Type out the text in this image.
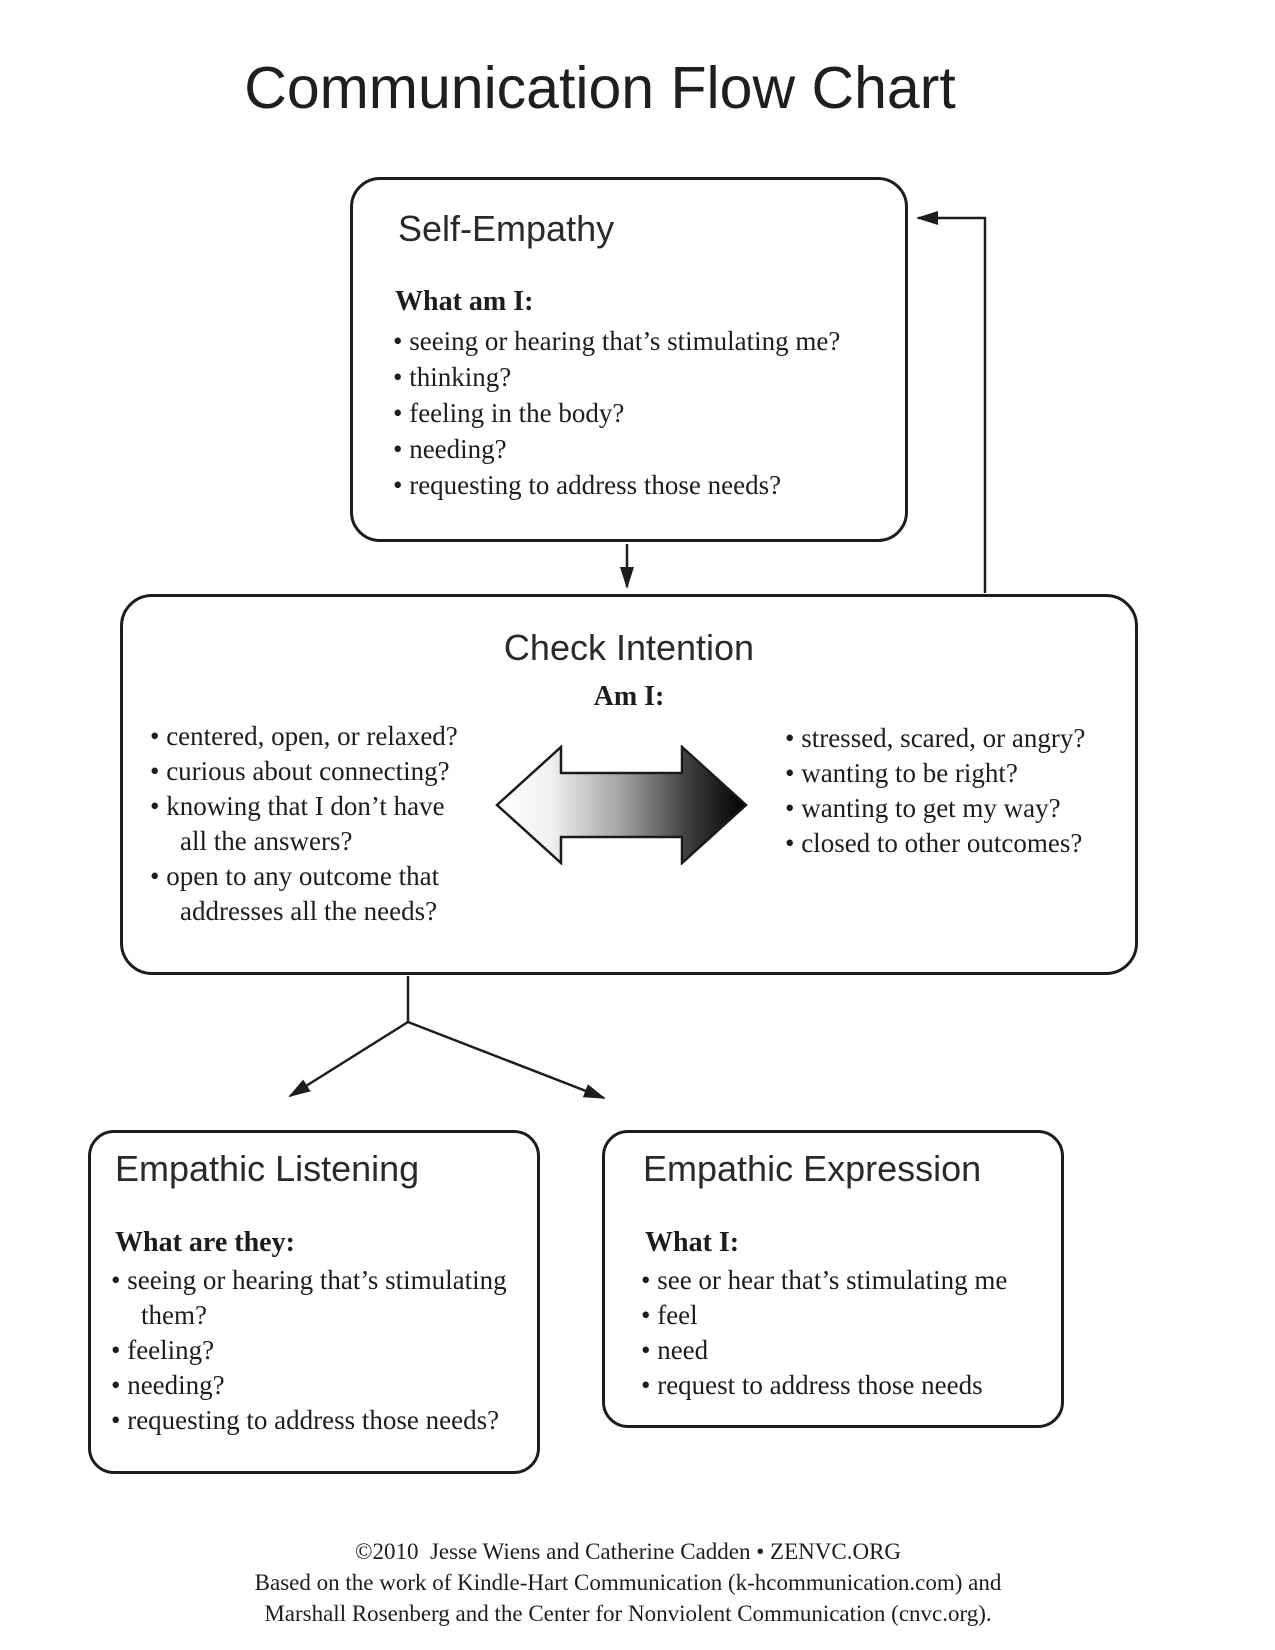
Communication Flow Chart
Self-Empathy

What am I:

• seeing or hearing that’s stimulating me?
• thinking?
• feeling in the body?
• needing?
• requesting to address those needs?
Check Intention

Am I:

• centered, open, or relaxed?
• curious about connecting?
• knowing that I don’t have all the answers?
• open to any outcome that addresses all the needs?
• stressed, scared, or angry?
• wanting to be right?
• wanting to get my way?
• closed to other outcomes?
Empathic Listening

What are they:

• seeing or hearing that’s stimulating them?
• feeling?
• needing?
• requesting to address those needs?
Empathic Expression

What I:

• see or hear that’s stimulating me
• feel
• need
• request to address those needs

©2010  Jesse Wiens and Catherine Cadden • ZENVC.ORG

Based on the work of Kindle-Hart Communication (k-hcommunication.com) and

Marshall Rosenberg and the Center for Nonviolent Communication (cnvc.org).
